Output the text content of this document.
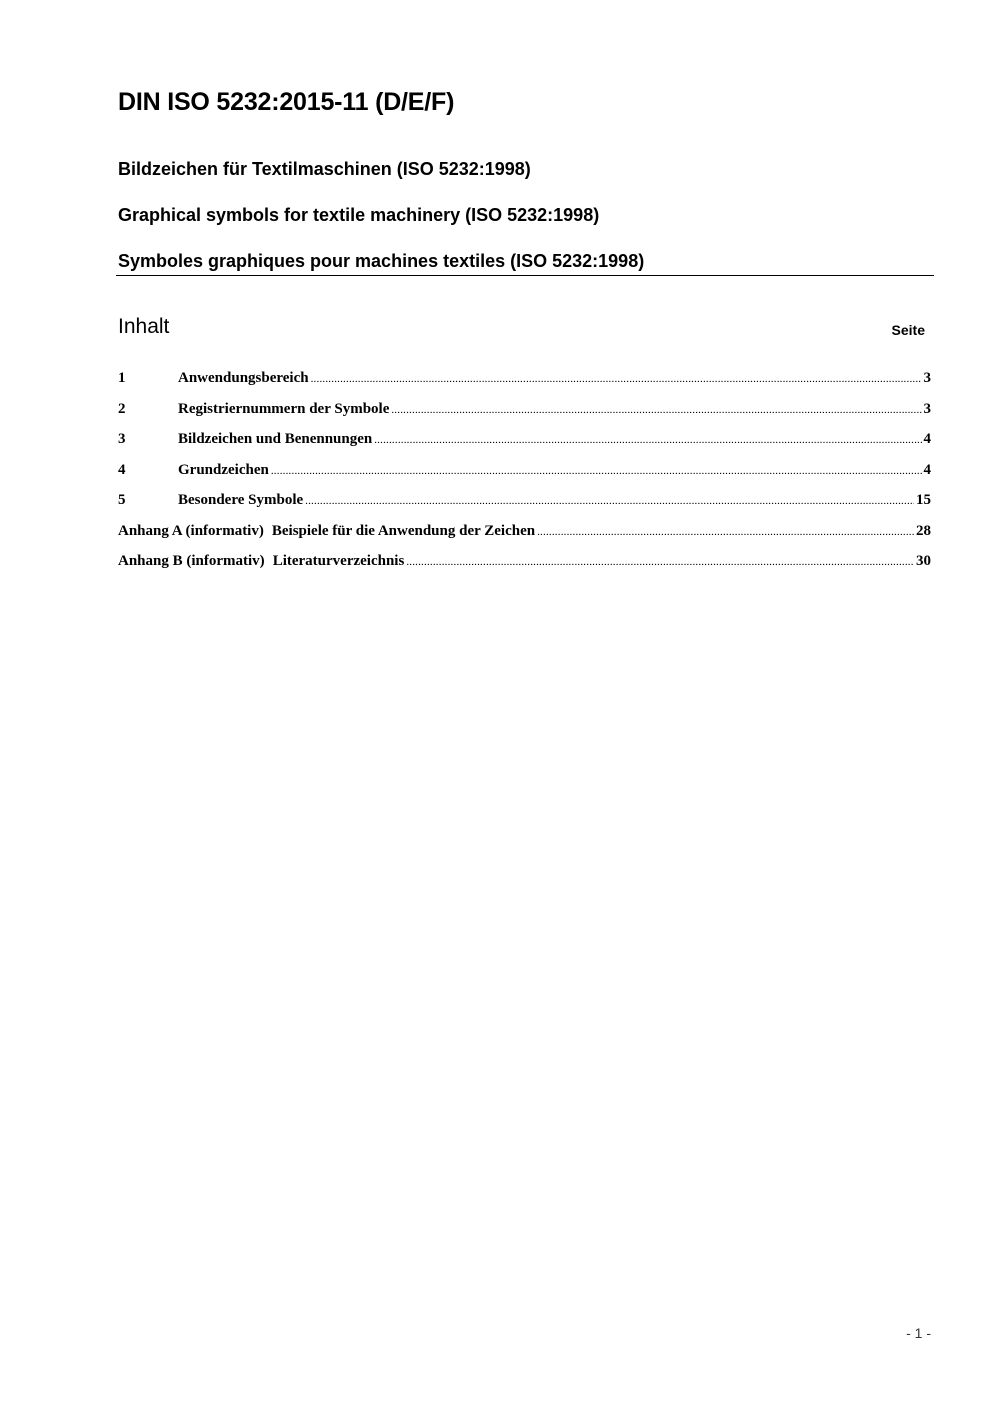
DIN ISO 5232:2015-11 (D/E/F)
Bildzeichen für Textilmaschinen (ISO 5232:1998)
Graphical symbols for textile machinery (ISO 5232:1998)
Symboles graphiques pour machines textiles (ISO 5232:1998)
Inhalt	Seite
1	Anwendungsbereich .....	3
2	Registriernummern der Symbole .....	3
3	Bildzeichen und Benennungen .....	4
4	Grundzeichen .....	4
5	Besondere Symbole .....	15
Anhang A (informativ) Beispiele für die Anwendung der Zeichen .....	28
Anhang B (informativ) Literaturverzeichnis .....	30
- 1 -
